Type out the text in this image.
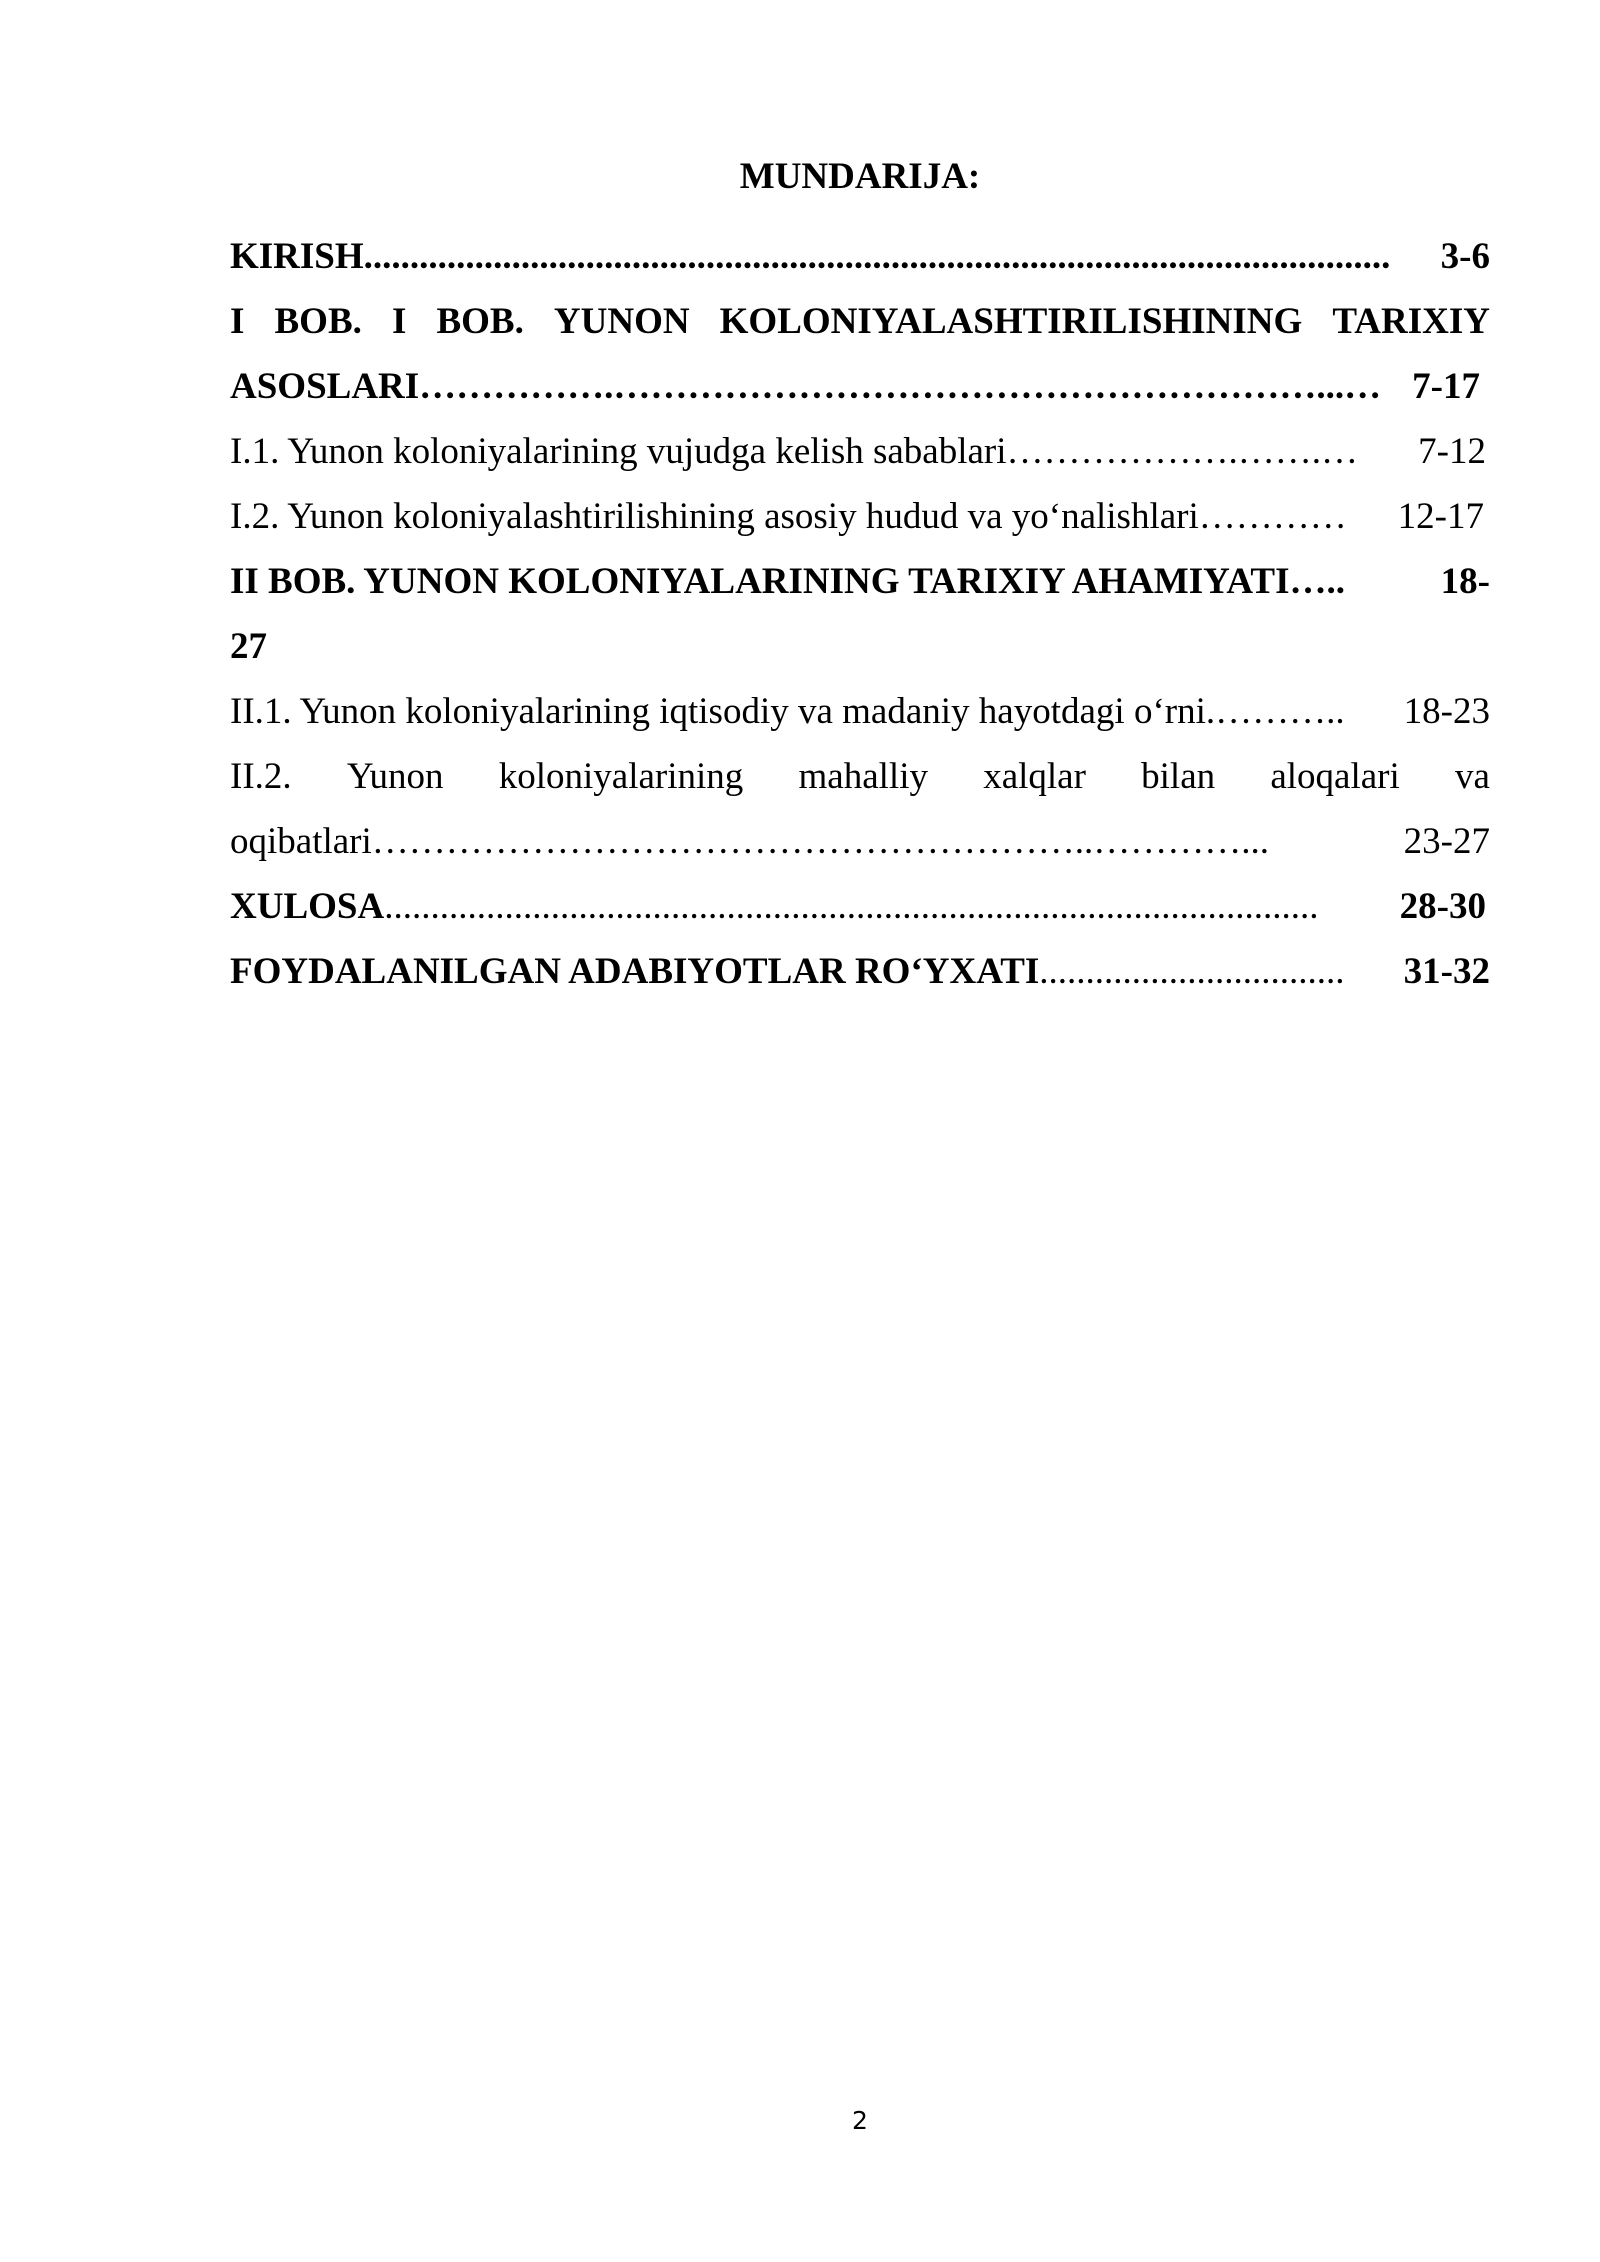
MUNDARIJA:
KIRISH............................................................................................................... 3-6
I BOB. I BOB. YUNON KOLONIYALASHTIRILISHINING TARIXIY
ASOSLARI…………….…………………………………………………...… 7-17
I.1. Yunon koloniyalarining vujudga kelish sabablari……………….…….… 7-12
I.2. Yunon koloniyalashtirilishining asosiy hudud va yo‘nalishlari………… 12-17
II BOB. YUNON KOLONIYALARINING TARIXIY AHAMIYATI…..	18-
27
II.1. Yunon koloniyalarining iqtisodiy va madaniy hayotdagi o‘rni.……….. 18-23
II.2. Yunon koloniyalarining mahalliy xalqlar bilan aloqalari va
oqibatlari…………………………………………………..…………...	23-27
XULOSA..................................................................................................... 28-30
FOYDALANILGAN ADABIYOTLAR RO‘YXATI................................. 31-32
2
